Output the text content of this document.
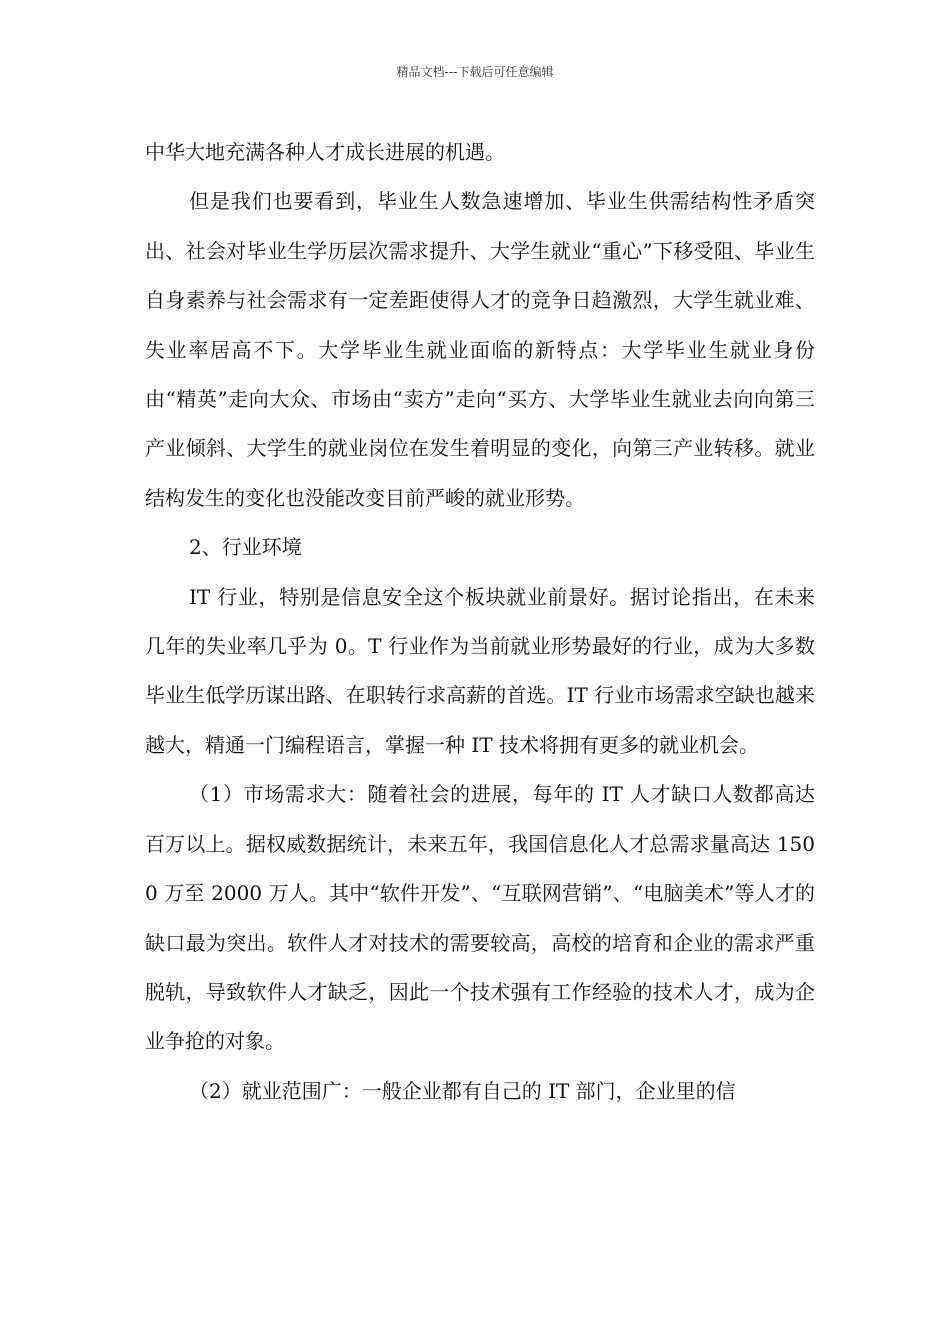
精品文档---下载后可任意编辑

中华大地充满各种人才成长进展的机遇。

但是我们也要看到，毕业生人数急速增加、毕业生供需结构性矛盾突出、社会对毕业生学历层次需求提升、大学生就业“重心”下移受阻、毕业生自身素养与社会需求有一定差距使得人才的竞争日趋激烈，大学生就业难、失业率居高不下。大学毕业生就业面临的新特点：大学毕业生就业身份由“精英”走向大众、市场由“卖方”走向“买方、大学毕业生就业去向向第三产业倾斜、大学生的就业岗位在发生着明显的变化，向第三产业转移。就业结构发生的变化也没能改变目前严峻的就业形势。

2、行业环境

IT 行业，特别是信息安全这个板块就业前景好。据讨论指出，在未来几年的失业率几乎为 0。T 行业作为当前就业形势最好的行业，成为大多数毕业生低学历谋出路、在职转行求高薪的首选。IT 行业市场需求空缺也越来越大，精通一门编程语言，掌握一种 IT 技术将拥有更多的就业机会。

（1）市场需求大：随着社会的进展，每年的 IT 人才缺口人数都高达百万以上。据权威数据统计，未来五年，我国信息化人才总需求量高达 1500 万至 2000 万人。其中“软件开发”、“互联网营销”、“电脑美术”等人才的缺口最为突出。软件人才对技术的需要较高，高校的培育和企业的需求严重脱轨，导致软件人才缺乏，因此一个技术强有工作经验的技术人才，成为企业争抢的对象。

（2）就业范围广：一般企业都有自己的 IT 部门，企业里的信
